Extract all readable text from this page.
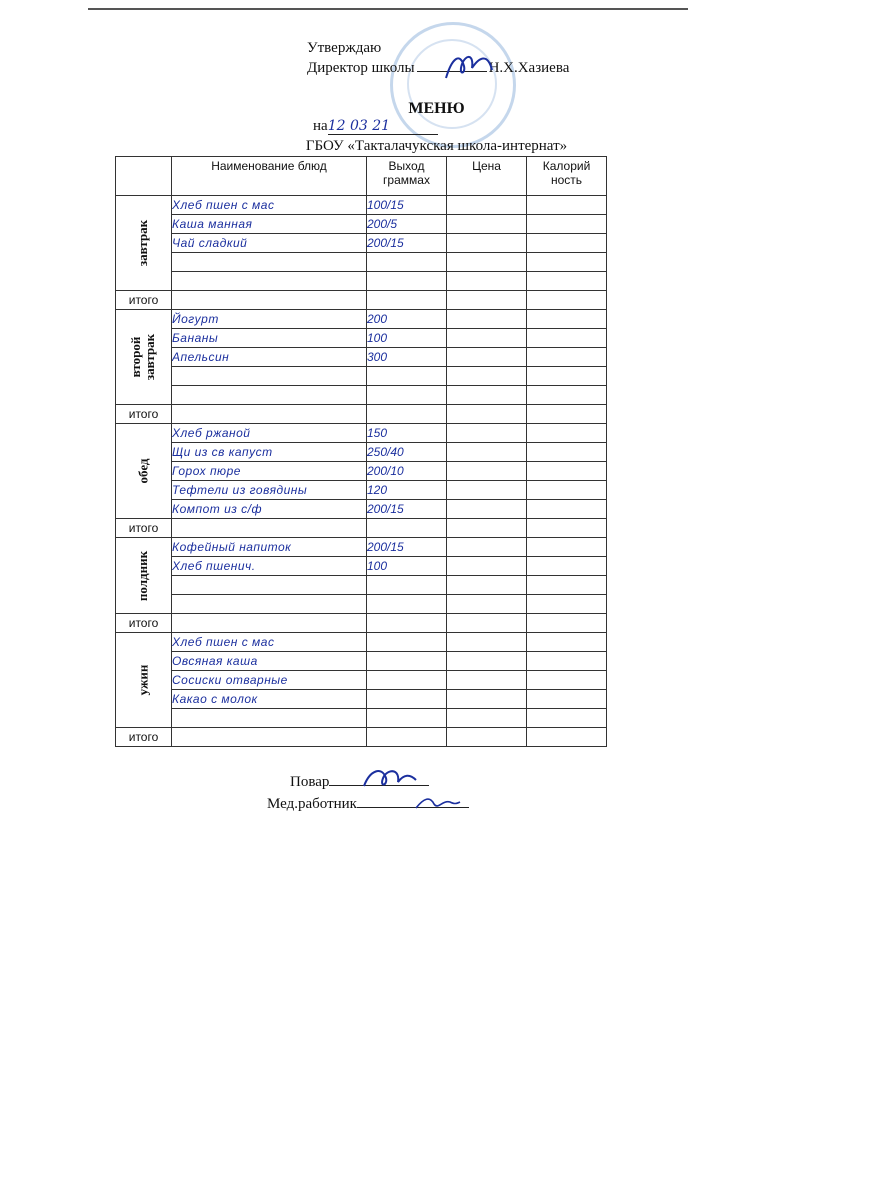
Утверждаю
Директор школы	Н.Х.Хазиева
МЕНЮ
на12 03 21
ГБОУ «Такталачукская школа-интернат»
	Наименование блюд	Выход граммах	Цена	Калорий ность
завтрак	Хлеб пшен с мас	100/15		
	Каша манная	200/5		
	Чай сладкий	200/15		

итого				
второй
завтрак	Йогурт	200		
	Бананы	100		
	Апельсин	300		

итого				
обед	Хлеб ржаной	150		
	Щи из св капуст	250/40		
	Горох пюре	200/10		
	Тефтели из говядины	120		
	Компот из с/ф	200/15		
итого				
полдник	Кофейный напиток	200/15		
	Хлеб пшенич.	100		

итого				
ужин	Хлеб пшен с мас			
	Овсяная каша			
	Сосиски отварные			
	Какао с молок			

итого				
Повар
Мед.работник
